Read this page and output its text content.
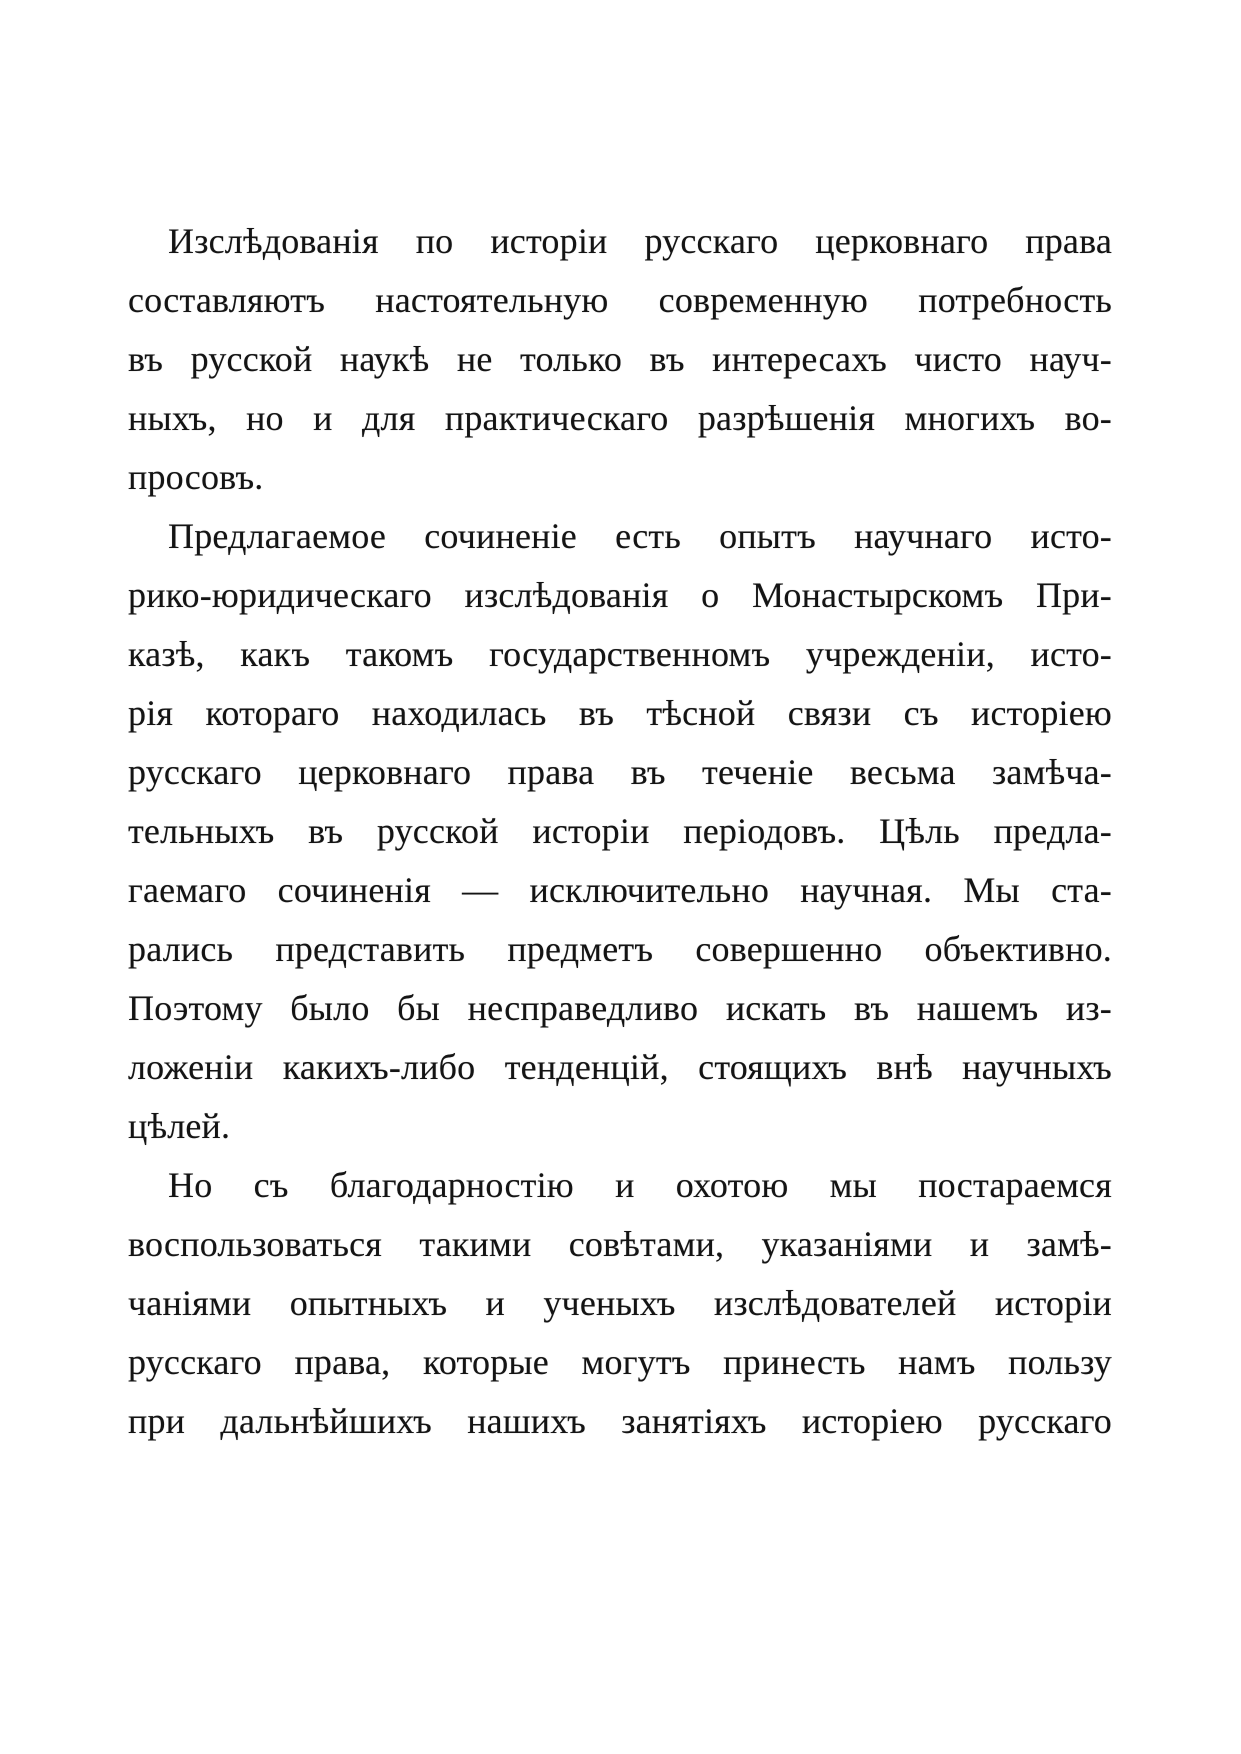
Изслѣдованія по исторіи русскаго церковнаго права
составляютъ настоятельную современную потребность
въ русской наукѣ не только въ интересахъ чисто науч-
ныхъ, но и для практическаго разрѣшенія многихъ во-
просовъ.
Предлагаемое сочиненіе есть опытъ научнаго исто-
рико-юридическаго изслѣдованія о Монастырскомъ При-
казѣ, какъ такомъ государственномъ учрежденіи, исто-
рія котораго находилась въ тѣсной связи съ исторіею
русскаго церковнаго права въ теченіе весьма замѣча-
тельныхъ въ русской исторіи періодовъ. Цѣль предла-
гаемаго сочиненія — исключительно научная. Мы ста-
рались представить предметъ совершенно объективно.
Поэтому было бы несправедливо искать въ нашемъ из-
ложеніи какихъ-либо тенденцій, стоящихъ внѣ научныхъ
цѣлей.
Но съ благодарностію и охотою мы постараемся
воспользоваться такими совѣтами, указаніями и замѣ-
чаніями опытныхъ и ученыхъ изслѣдователей исторіи
русскаго права, которые могутъ принесть намъ пользу
при дальнѣйшихъ нашихъ занятіяхъ исторіею русскаго
